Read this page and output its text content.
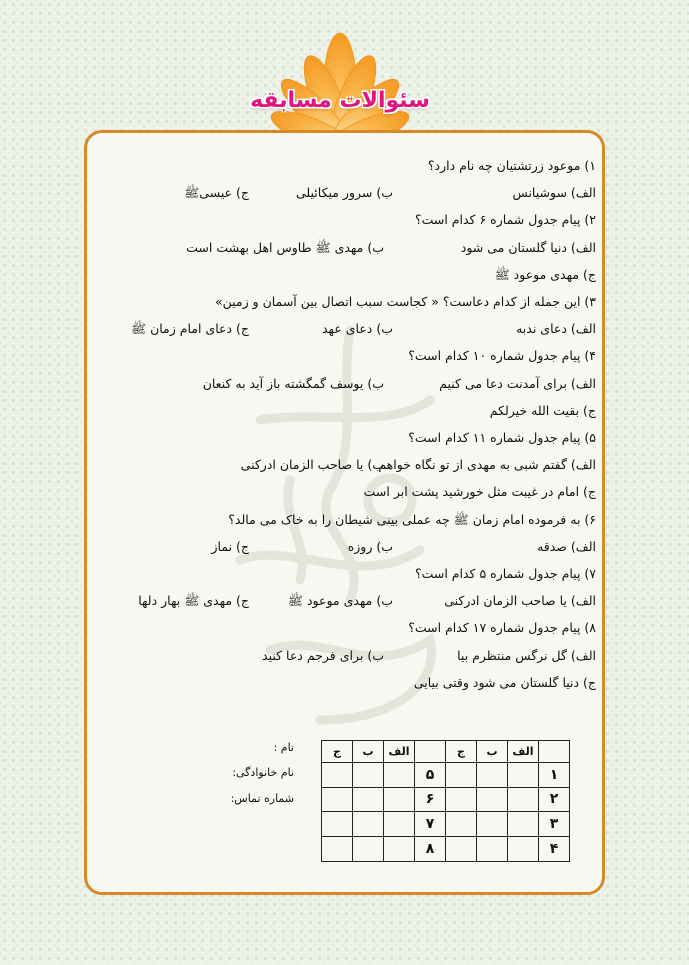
سئوالات مسابقه
۱) موعود زرتشتیان چه نام دارد؟
الف) سوشیانس
ب) سرور میکائیلی
ج) عیسیﷺ
۲) پیام جدول شماره ۶ کدام است؟
الف) دنیا گلستان می شود
ب) مهدی ﷺ طاوس اهل بهشت است
ج) مهدی موعود ﷺ
۳) این جمله از کدام دعاست؟ « کجاست سبب اتصال بین آسمان و زمین»
الف) دعای ندبه
ب) دعای عهد
ج) دعای امام زمان ﷺ
۴) پیام جدول شماره ۱۰ کدام است؟
الف) برای آمدنت دعا می کنیم
ب) یوسف گمگشته باز آید به کنعان
ج) بقیت الله خیرلکم
۵) پیام جدول شماره ۱۱ کدام است؟
الف) گفتم شبی به مهدی از تو نگاه خواهم
ب) یا صاحب الزمان ادرکنی
ج) امام در غیبت مثل خورشید پشت ابر است
۶) به فرموده امام زمان ﷺ چه عملی بینی شیطان را به خاک می مالد؟
الف) صدقه
ب) روزه
ج) نماز
۷) پیام جدول شماره ۵ کدام است؟
الف) یا صاحب الزمان ادرکنی
ب) مهدی موعود ﷺ
ج) مهدی ﷺ بهار دلها
۸) پیام جدول شماره ۱۷ کدام است؟
الف) گل نرگس منتظرم بیا
ب) برای فرجم دعا کنید
ج) دنیا گلستان می شود وقتی بیایی
	الف	ب	ج		الف	ب	ج
۱				۵			
۲				۶			
۳				۷			
۴				۸			
نام :
نام خانوادگی:
شماره تماس:
